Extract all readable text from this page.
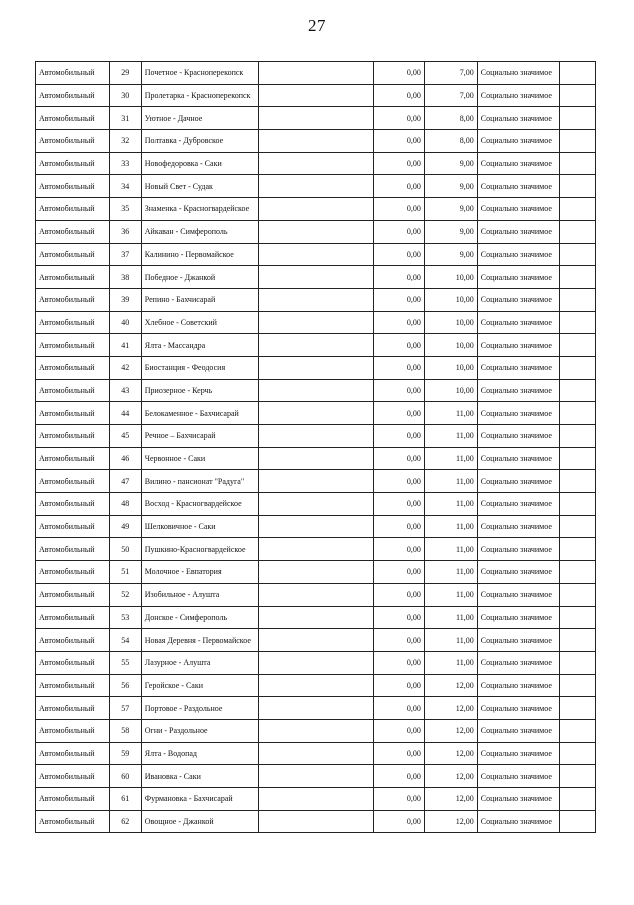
27
Автомобильный	29	Почетное - Красноперекопск		0,00	7,00	Социально значимое	
Автомобильный	30	Пролетарка - Красноперекопск		0,00	7,00	Социально значимое	
Автомобильный	31	Уютное - Дачное		0,00	8,00	Социально значимое	
Автомобильный	32	Полтавка - Дубровское		0,00	8,00	Социально значимое	
Автомобильный	33	Новофедоровка - Саки		0,00	9,00	Социально значимое	
Автомобильный	34	Новый Свет - Судак		0,00	9,00	Социально значимое	
Автомобильный	35	Знаменка - Красногвардейское		0,00	9,00	Социально значимое	
Автомобильный	36	Айкаван - Симферополь		0,00	9,00	Социально значимое	
Автомобильный	37	Калинино - Первомайское		0,00	9,00	Социально значимое	
Автомобильный	38	Победное - Джанкой		0,00	10,00	Социально значимое	
Автомобильный	39	Репино - Бахчисарай		0,00	10,00	Социально значимое	
Автомобильный	40	Хлебное - Советский		0,00	10,00	Социально значимое	
Автомобильный	41	Ялта - Массандра		0,00	10,00	Социально значимое	
Автомобильный	42	Биостанция - Феодосия		0,00	10,00	Социально значимое	
Автомобильный	43	Приозерное - Керчь		0,00	10,00	Социально значимое	
Автомобильный	44	Белокаменное - Бахчисарай		0,00	11,00	Социально значимое	
Автомобильный	45	Речное – Бахчисарай		0,00	11,00	Социально значимое	
Автомобильный	46	Червонное - Саки		0,00	11,00	Социально значимое	
Автомобильный	47	Вилино - пансионат "Радуга"		0,00	11,00	Социально значимое	
Автомобильный	48	Восход - Красногвардейское		0,00	11,00	Социально значимое	
Автомобильный	49	Шелковичное - Саки		0,00	11,00	Социально значимое	
Автомобильный	50	Пушкино-Красногвардейское		0,00	11,00	Социально значимое	
Автомобильный	51	Молочное - Евпатория		0,00	11,00	Социально значимое	
Автомобильный	52	Изобильное - Алушта		0,00	11,00	Социально значимое	
Автомобильный	53	Донское - Симферополь		0,00	11,00	Социально значимое	
Автомобильный	54	Новая Деревня - Первомайское		0,00	11,00	Социально значимое	
Автомобильный	55	Лазурное - Алушта		0,00	11,00	Социально значимое	
Автомобильный	56	Геройское - Саки		0,00	12,00	Социально значимое	
Автомобильный	57	Портовое - Раздольное		0,00	12,00	Социально значимое	
Автомобильный	58	Огни - Раздольное		0,00	12,00	Социально значимое	
Автомобильный	59	Ялта - Водопад		0,00	12,00	Социально значимое	
Автомобильный	60	Ивановка - Саки		0,00	12,00	Социально значимое	
Автомобильный	61	Фурмановка - Бахчисарай		0,00	12,00	Социально значимое	
Автомобильный	62	Овощное - Джанкой		0,00	12,00	Социально значимое	
